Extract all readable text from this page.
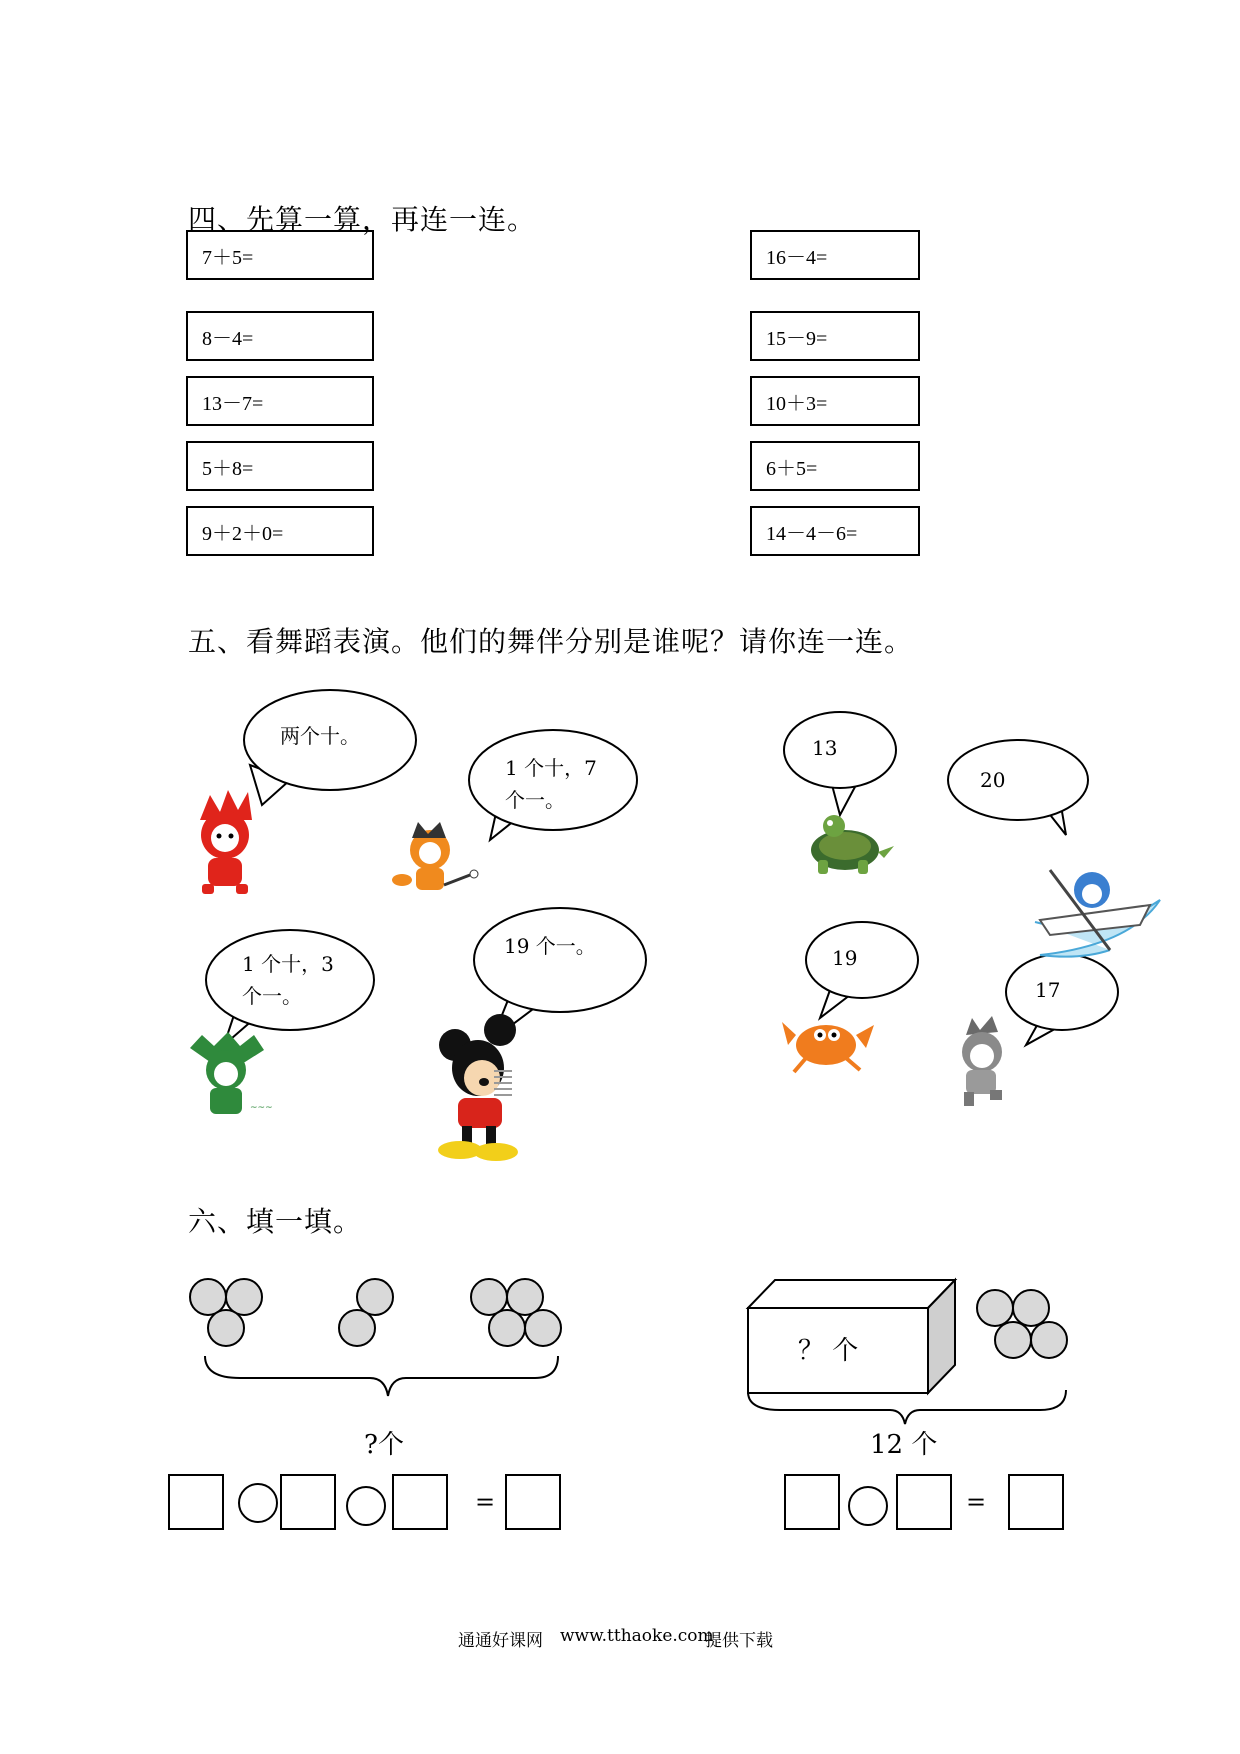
四、先算一算，再连一连。
7＋5=
8－4=
13－7=
5＋8=
9＋2＋0=
16－4=
15－9=
10＋3=
6＋5=
14－4－6=
五、看舞蹈表演。他们的舞伴分别是谁呢？请你连一连。
~~~
两个十。
1 个十，7
个一。
1 个十，3
个一。
19 个一。
13
20
19
17
六、填一填。
？ 个
?个	12 个
=	=
通通好课网 www.tthaoke.com
提供下载
